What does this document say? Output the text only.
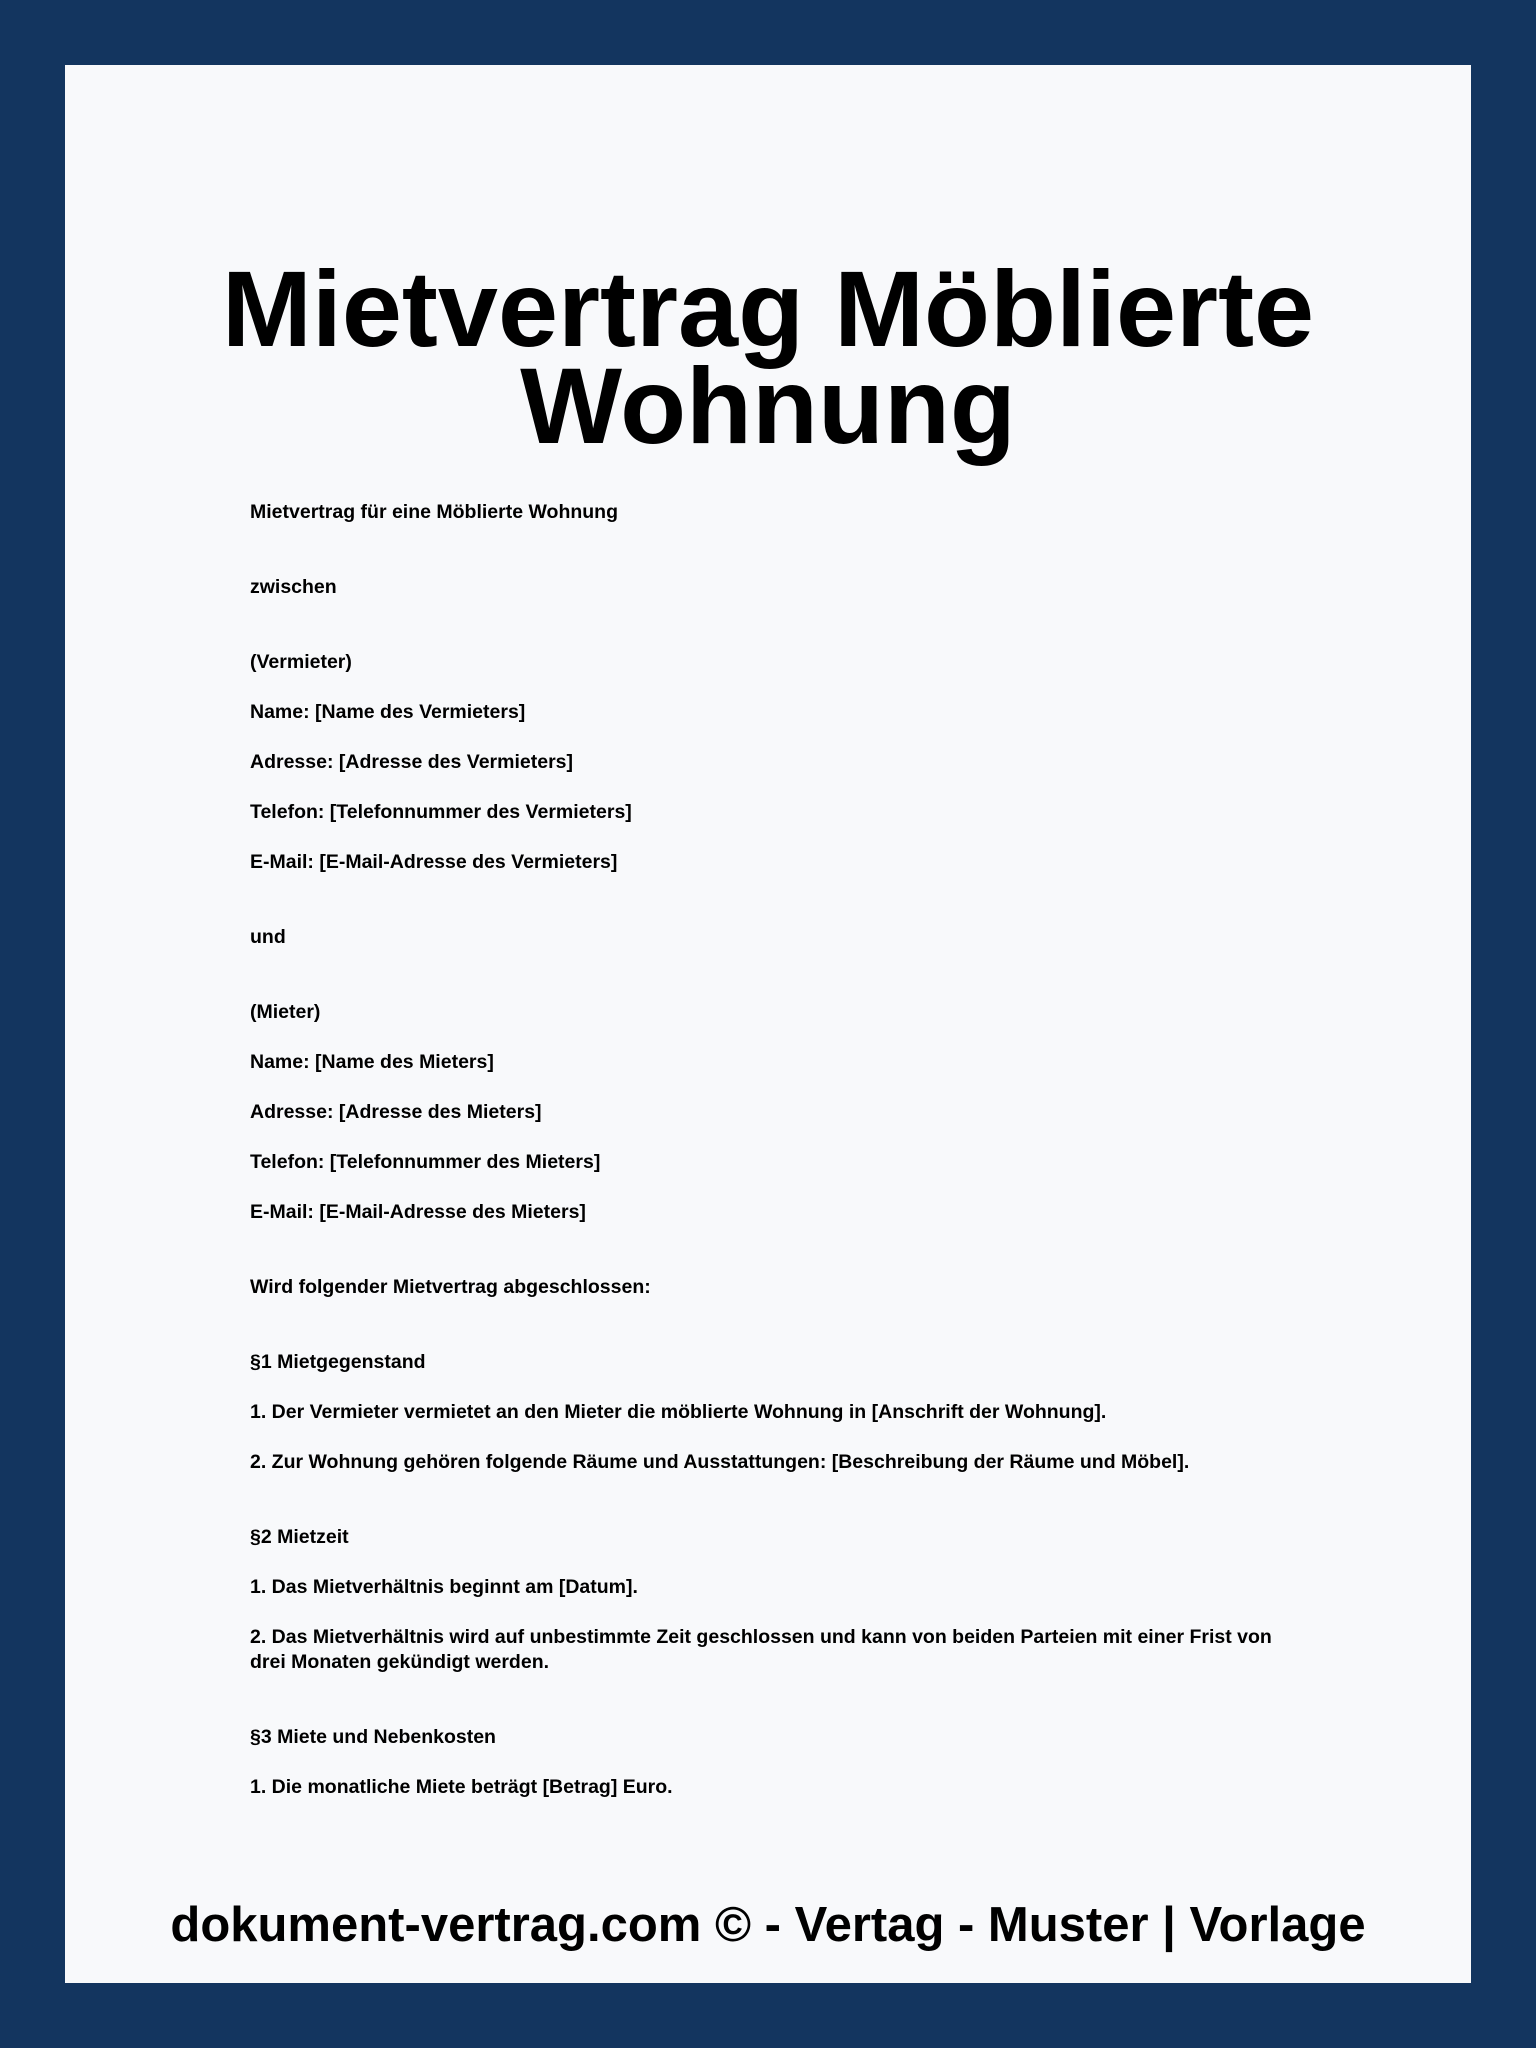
Mietvertrag Möblierte
Wohnung

Mietvertrag für eine Möblierte Wohnung

zwischen

(Vermieter)

Name: [Name des Vermieters]

Adresse: [Adresse des Vermieters]

Telefon: [Telefonnummer des Vermieters]

E-Mail: [E-Mail-Adresse des Vermieters]

und

(Mieter)

Name: [Name des Mieters]

Adresse: [Adresse des Mieters]

Telefon: [Telefonnummer des Mieters]

E-Mail: [E-Mail-Adresse des Mieters]

Wird folgender Mietvertrag abgeschlossen:

§1 Mietgegenstand

1. Der Vermieter vermietet an den Mieter die möblierte Wohnung in [Anschrift der Wohnung].

2. Zur Wohnung gehören folgende Räume und Ausstattungen: [Beschreibung der Räume und Möbel].

§2 Mietzeit

1. Das Mietverhältnis beginnt am [Datum].

2. Das Mietverhältnis wird auf unbestimmte Zeit geschlossen und kann von beiden Parteien mit einer Frist von drei Monaten gekündigt werden.

§3 Miete und Nebenkosten

1. Die monatliche Miete beträgt [Betrag] Euro.

dokument-vertrag.com © - Vertag - Muster | Vorlage
